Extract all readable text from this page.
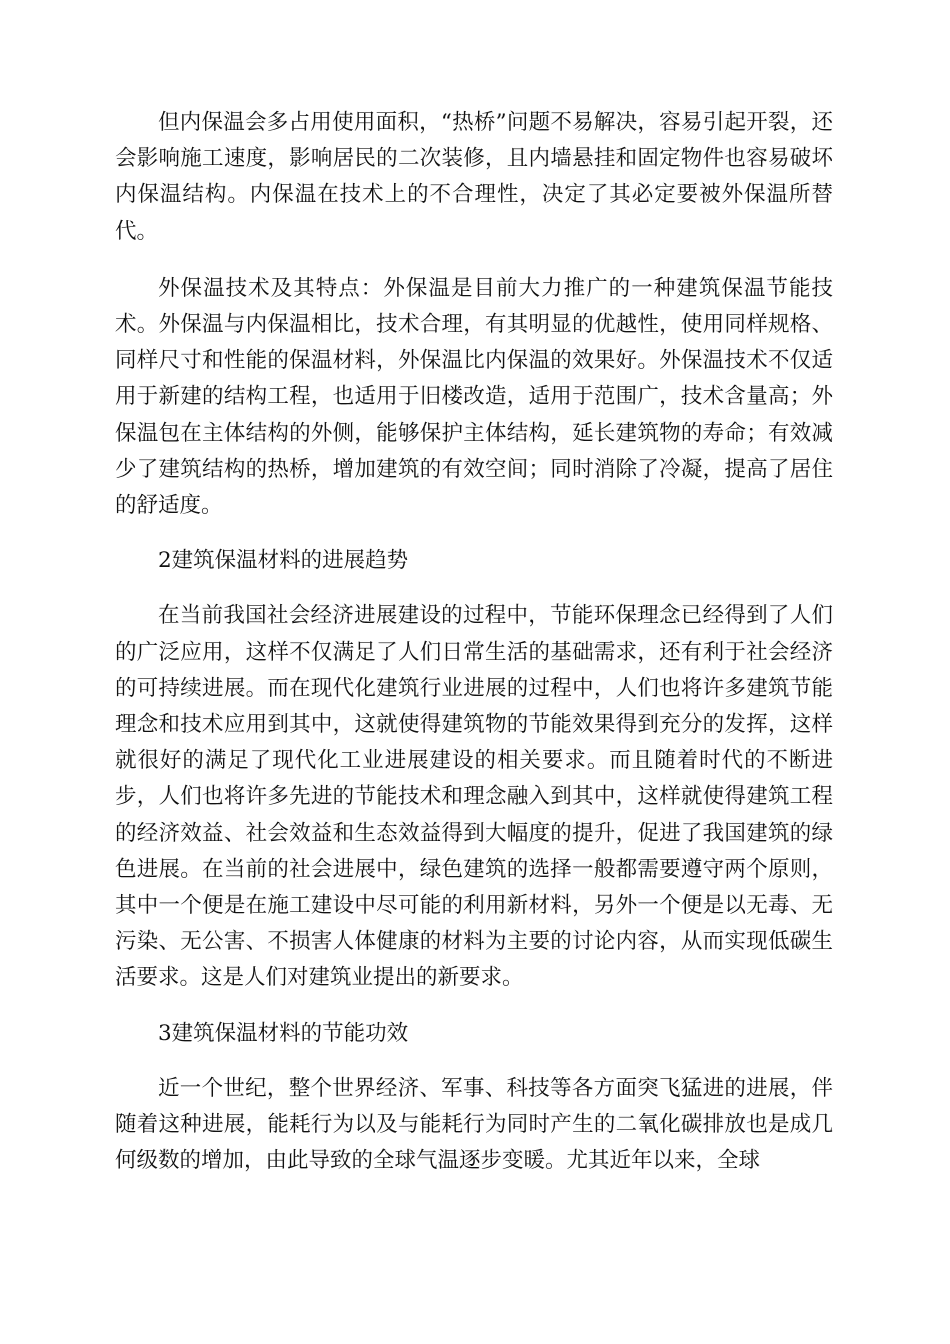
但内保温会多占用使用面积，“热桥”问题不易解决，容易引起开裂，还会影响施工速度，影响居民的二次装修，且内墙悬挂和固定物件也容易破坏内保温结构。内保温在技术上的不合理性，决定了其必定要被外保温所替代。

外保温技术及其特点：外保温是目前大力推广的一种建筑保温节能技术。外保温与内保温相比，技术合理，有其明显的优越性，使用同样规格、同样尺寸和性能的保温材料，外保温比内保温的效果好。外保温技术不仅适用于新建的结构工程，也适用于旧楼改造，适用于范围广，技术含量高；外保温包在主体结构的外侧，能够保护主体结构，延长建筑物的寿命；有效减少了建筑结构的热桥，增加建筑的有效空间；同时消除了冷凝，提高了居住的舒适度。

2建筑保温材料的进展趋势

在当前我国社会经济进展建设的过程中，节能环保理念已经得到了人们的广泛应用，这样不仅满足了人们日常生活的基础需求，还有利于社会经济的可持续进展。而在现代化建筑行业进展的过程中，人们也将许多建筑节能理念和技术应用到其中，这就使得建筑物的节能效果得到充分的发挥，这样就很好的满足了现代化工业进展建设的相关要求。而且随着时代的不断进步，人们也将许多先进的节能技术和理念融入到其中，这样就使得建筑工程的经济效益、社会效益和生态效益得到大幅度的提升，促进了我国建筑的绿色进展。在当前的社会进展中，绿色建筑的选择一般都需要遵守两个原则，其中一个便是在施工建设中尽可能的利用新材料，另外一个便是以无毒、无污染、无公害、不损害人体健康的材料为主要的讨论内容，从而实现低碳生活要求。这是人们对建筑业提出的新要求。

3建筑保温材料的节能功效

近一个世纪，整个世界经济、军事、科技等各方面突飞猛进的进展，伴随着这种进展，能耗行为以及与能耗行为同时产生的二氧化碳排放也是成几何级数的增加，由此导致的全球气温逐步变暖。尤其近年以来，全球
